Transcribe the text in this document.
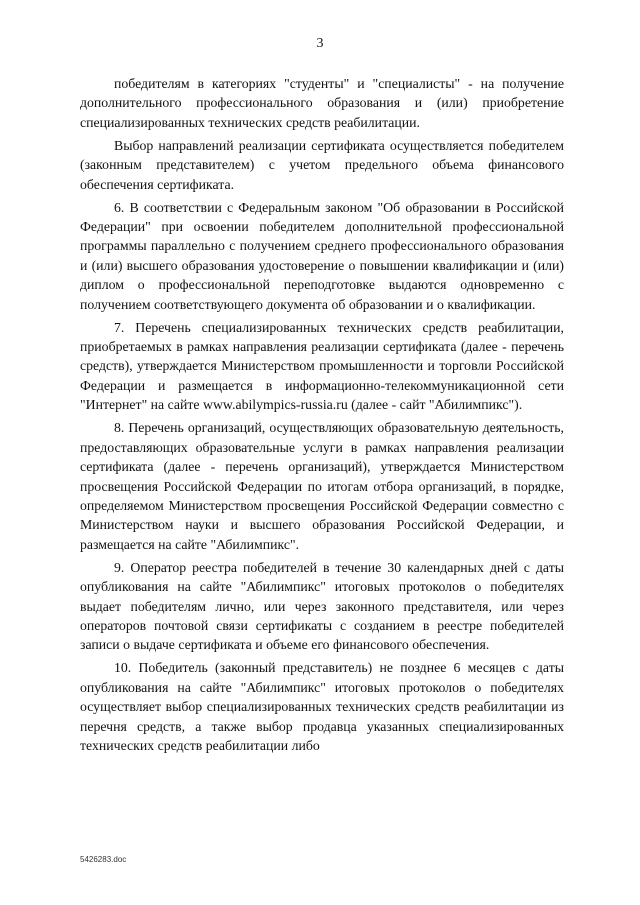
3

победителям в категориях "студенты" и "специалисты" - на получение дополнительного профессионального образования и (или) приобретение специализированных технических средств реабилитации.

Выбор направлений реализации сертификата осуществляется победителем (законным представителем) с учетом предельного объема финансового обеспечения сертификата.

6. В соответствии с Федеральным законом "Об образовании в Российской Федерации" при освоении победителем дополнительной профессиональной программы параллельно с получением среднего профессионального образования и (или) высшего образования удостоверение о повышении квалификации и (или) диплом о профессиональной переподготовке выдаются одновременно с получением соответствующего документа об образовании и о квалификации.

7. Перечень специализированных технических средств реабилитации, приобретаемых в рамках направления реализации сертификата (далее - перечень средств), утверждается Министерством промышленности и торговли Российской Федерации и размещается в информационно-телекоммуникационной сети "Интернет" на сайте www.abilympics-russia.ru (далее - сайт "Абилимпикс").

8. Перечень организаций, осуществляющих образовательную деятельность, предоставляющих образовательные услуги в рамках направления реализации сертификата (далее - перечень организаций), утверждается Министерством просвещения Российской Федерации по итогам отбора организаций, в порядке, определяемом Министерством просвещения Российской Федерации совместно с Министерством науки и высшего образования Российской Федерации, и размещается на сайте "Абилимпикс".

9. Оператор реестра победителей в течение 30 календарных дней с даты опубликования на сайте "Абилимпикс" итоговых протоколов о победителях выдает победителям лично, или через законного представителя, или через операторов почтовой связи сертификаты с созданием в реестре победителей записи о выдаче сертификата и объеме его финансового обеспечения.

10. Победитель (законный представитель) не позднее 6 месяцев с даты опубликования на сайте "Абилимпикс" итоговых протоколов о победителях осуществляет выбор специализированных технических средств реабилитации из перечня средств, а также выбор продавца указанных специализированных технических средств реабилитации либо

5426283.doc
